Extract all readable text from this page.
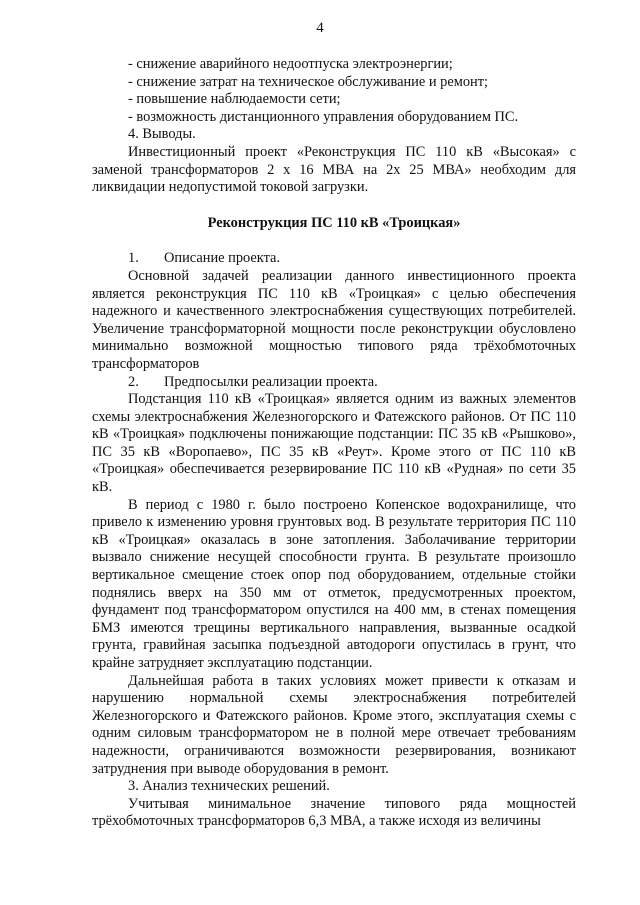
4

- снижение аварийного недоотпуска электроэнергии;

- снижение затрат на техническое обслуживание и ремонт;

- повышение наблюдаемости сети;

- возможность дистанционного управления оборудованием ПС.

4. Выводы.

Инвестиционный проект «Реконструкция ПС 110 кВ «Высокая» с заменой трансформаторов 2 х 16 МВА на 2х 25 МВА» необходим для ликвидации недопустимой токовой загрузки.

Реконструкция ПС 110 кВ «Троицкая»

1. Описание проекта.

Основной задачей реализации данного инвестиционного проекта является реконструкция ПС 110 кВ «Троицкая» с целью обеспечения надежного и качественного электроснабжения существующих потребителей. Увеличение трансформаторной мощности после реконструкции обусловлено минимально возможной мощностью типового ряда трёхобмоточных трансформаторов

2. Предпосылки реализации проекта.

Подстанция 110 кВ «Троицкая» является одним из важных элементов схемы электроснабжения Железногорского и Фатежского районов. От ПС 110 кВ «Троицкая» подключены понижающие подстанции: ПС 35 кВ «Рышково», ПС 35 кВ «Воропаево», ПС 35 кВ «Реут». Кроме этого от ПС 110 кВ «Троицкая» обеспечивается резервирование ПС 110 кВ «Рудная» по сети 35 кВ.

В период с 1980 г. было построено Копенское водохранилище, что привело к изменению уровня грунтовых вод. В результате территория ПС 110 кВ «Троицкая» оказалась в зоне затопления. Заболачивание территории вызвало снижение несущей способности грунта. В результате произошло вертикальное смещение стоек опор под оборудованием, отдельные стойки поднялись вверх на 350 мм от отметок, предусмотренных проектом, фундамент под трансформатором опустился на 400 мм, в стенах помещения БМЗ имеются трещины вертикального направления, вызванные осадкой грунта, гравийная засыпка подъездной автодороги опустилась в грунт, что крайне затрудняет эксплуатацию подстанции.

Дальнейшая работа в таких условиях может привести к отказам и нарушению нормальной схемы электроснабжения потребителей Железногорского и Фатежского районов. Кроме этого, эксплуатация схемы с одним силовым трансформатором не в полной мере отвечает требованиям надежности, ограничиваются возможности резервирования, возникают затруднения при выводе оборудования в ремонт.

3. Анализ технических решений.

Учитывая минимальное значение типового ряда мощностей трёхобмоточных трансформаторов 6,3 МВА, а также исходя из величины
